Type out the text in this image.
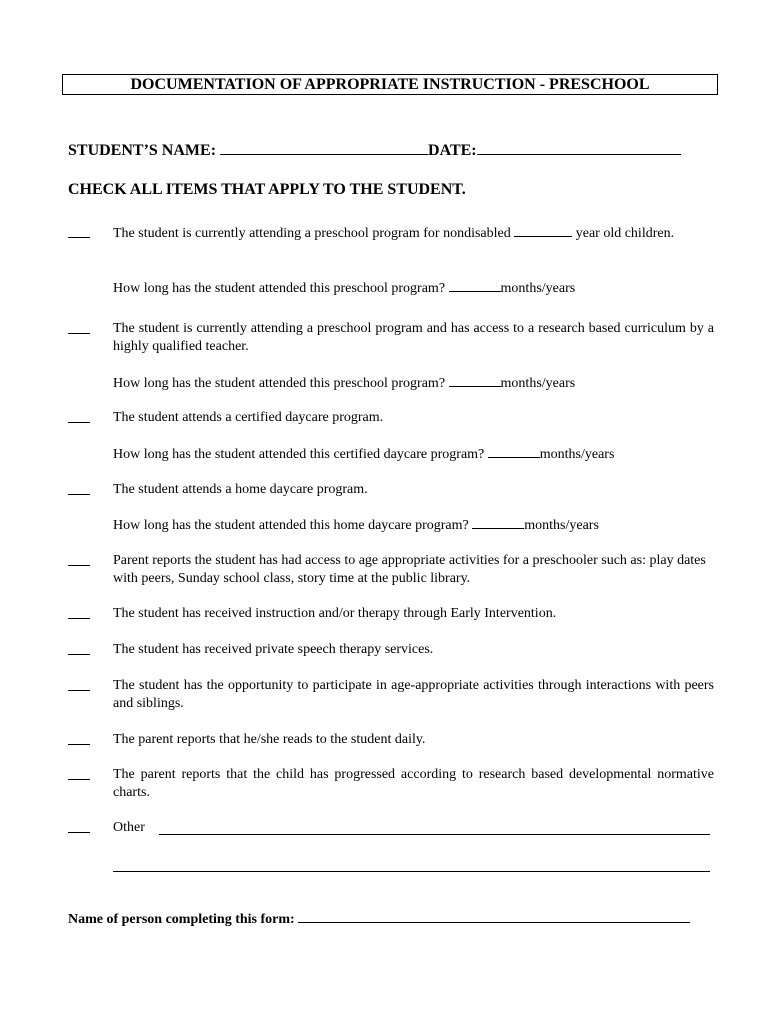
DOCUMENTATION OF APPROPRIATE INSTRUCTION - PRESCHOOL
STUDENT’S NAME:	DATE:
CHECK ALL ITEMS THAT APPLY TO THE STUDENT.
The student is currently attending a preschool program for nondisabled	year old children.
How long has the student attended this preschool program?	months/years
The student is currently attending a preschool program and has access to a research based curriculum by a highly qualified teacher.
How long has the student attended this preschool program?	months/years
The student attends a certified daycare program.
How long has the student attended this certified daycare program?	months/years
The student attends a home daycare program.
How long has the student attended this home daycare program?	months/years
Parent reports the student has had access to age appropriate activities for a preschooler such as: play dates with peers, Sunday school class, story time at the public library.
The student has received instruction and/or therapy through Early Intervention.
The student has received private speech therapy services.
The student has the opportunity to participate in age-appropriate activities through interactions with peers and siblings.
The parent reports that he/she reads to the student daily.
The parent reports that the child has progressed according to research based developmental normative charts.
Other
Name of person completing this form:
